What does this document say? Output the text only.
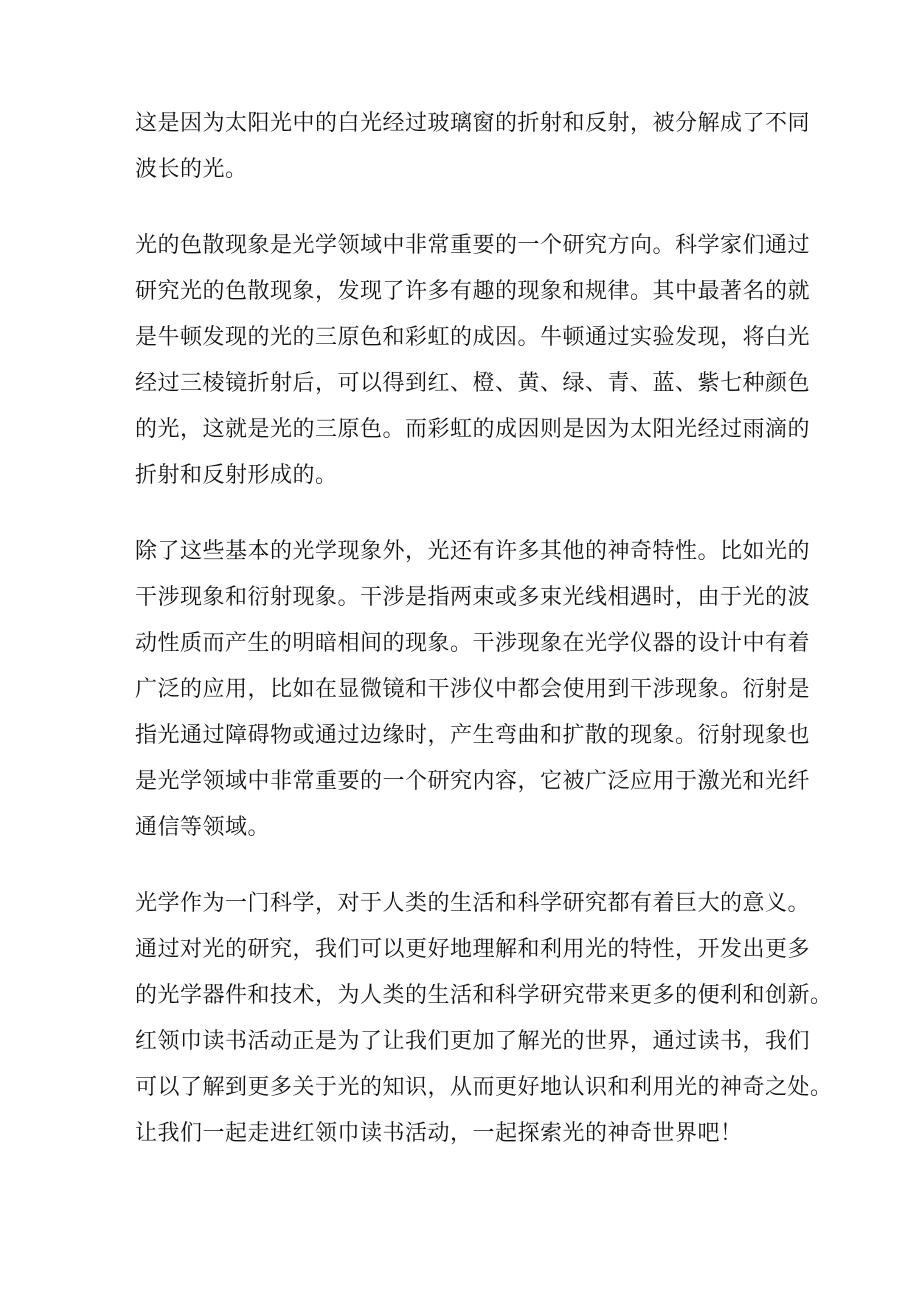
这是因为太阳光中的白光经过玻璃窗的折射和反射，被分解成了不同
波长的光。

光的色散现象是光学领域中非常重要的一个研究方向。科学家们通过
研究光的色散现象，发现了许多有趣的现象和规律。其中最著名的就
是牛顿发现的光的三原色和彩虹的成因。牛顿通过实验发现，将白光
经过三棱镜折射后，可以得到红、橙、黄、绿、青、蓝、紫七种颜色
的光，这就是光的三原色。而彩虹的成因则是因为太阳光经过雨滴的
折射和反射形成的。

除了这些基本的光学现象外，光还有许多其他的神奇特性。比如光的
干涉现象和衍射现象。干涉是指两束或多束光线相遇时，由于光的波
动性质而产生的明暗相间的现象。干涉现象在光学仪器的设计中有着
广泛的应用，比如在显微镜和干涉仪中都会使用到干涉现象。衍射是
指光通过障碍物或通过边缘时，产生弯曲和扩散的现象。衍射现象也
是光学领域中非常重要的一个研究内容，它被广泛应用于激光和光纤
通信等领域。

光学作为一门科学，对于人类的生活和科学研究都有着巨大的意义。
通过对光的研究，我们可以更好地理解和利用光的特性，开发出更多
的光学器件和技术，为人类的生活和科学研究带来更多的便利和创新。
红领巾读书活动正是为了让我们更加了解光的世界，通过读书，我们
可以了解到更多关于光的知识，从而更好地认识和利用光的神奇之处。
让我们一起走进红领巾读书活动，一起探索光的神奇世界吧！
